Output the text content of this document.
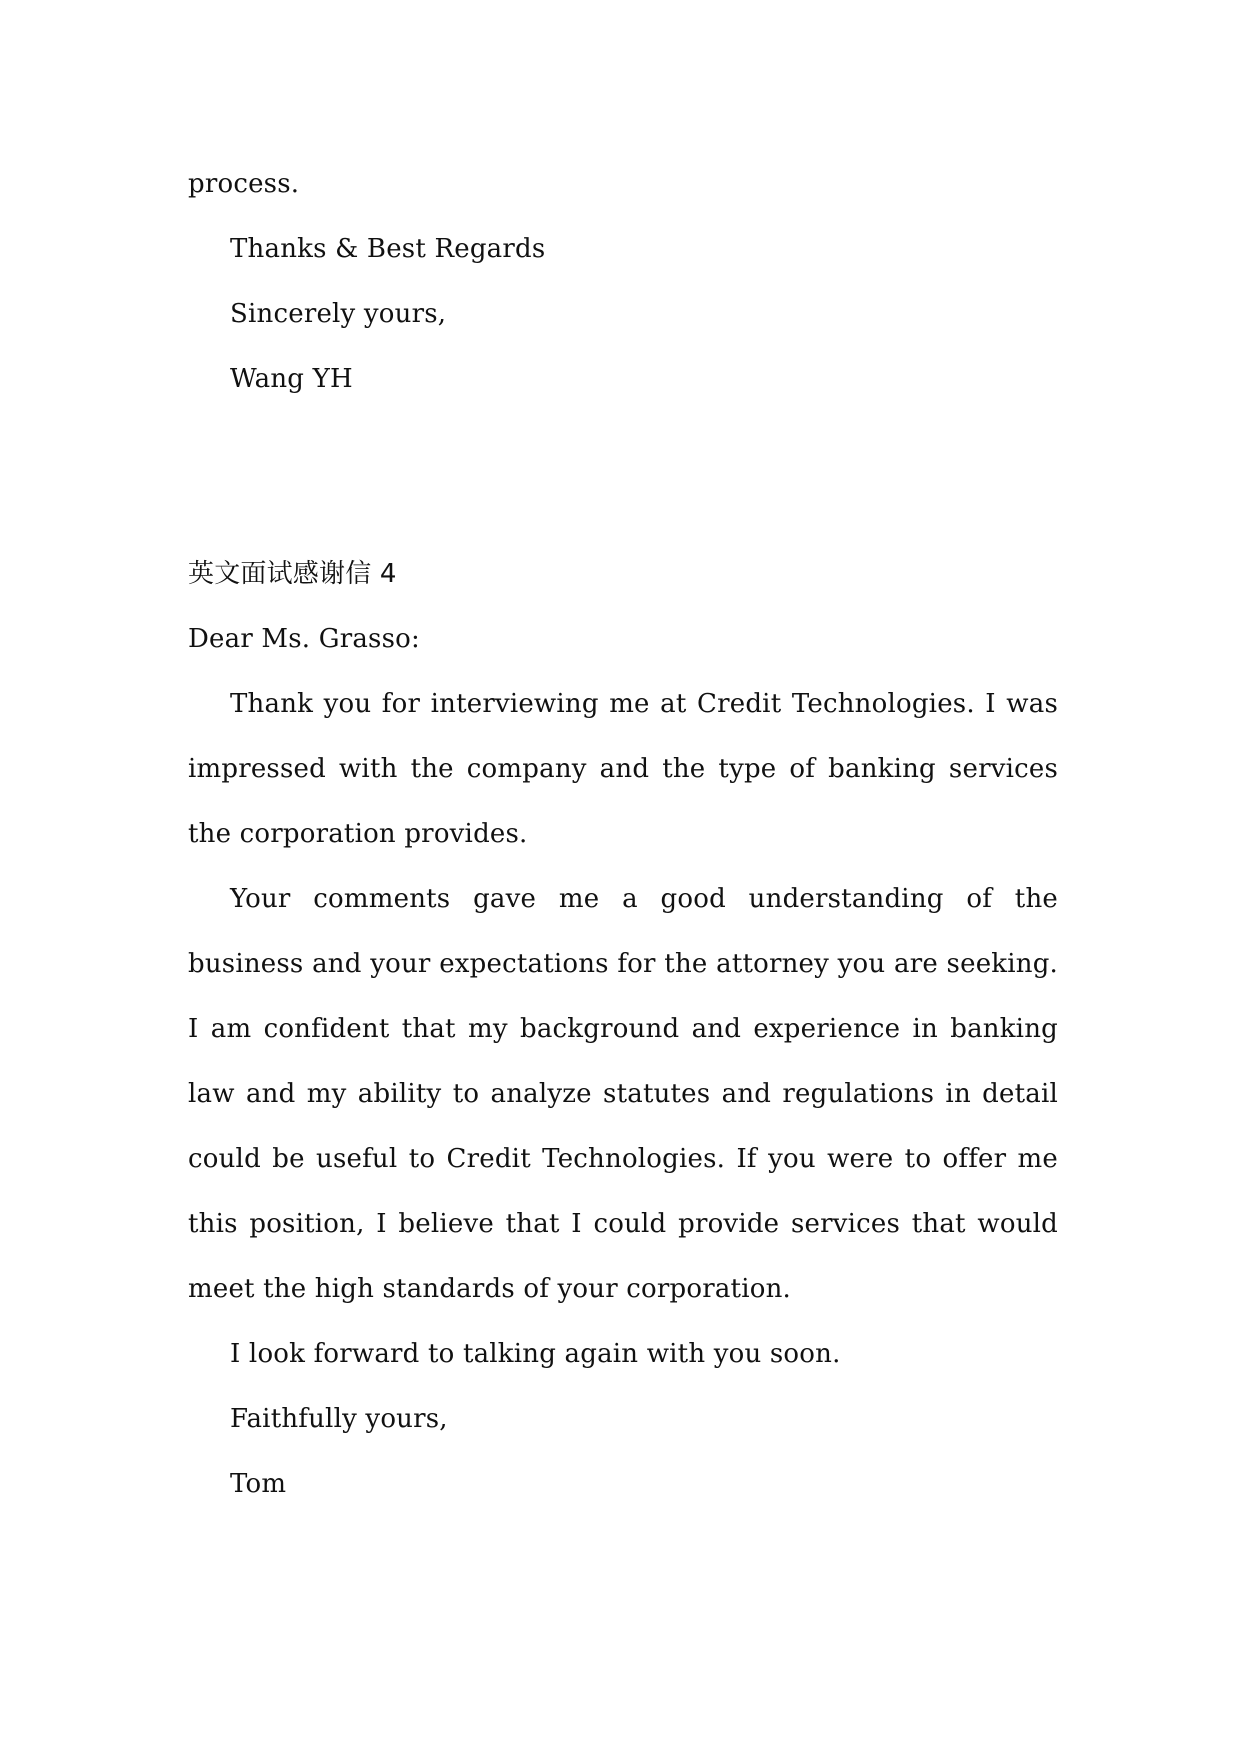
process.

Thanks & Best Regards

Sincerely yours,

Wang YH

英文面试感谢信 4

Dear Ms. Grasso:

Thank you for interviewing me at Credit Technologies. I was impressed with the company and the type of banking services the corporation provides.

Your comments gave me a good understanding of the business and your expectations for the attorney you are seeking. I am confident that my background and experience in banking law and my ability to analyze statutes and regulations in detail could be useful to Credit Technologies. If you were to offer me this position, I believe that I could provide services that would meet the high standards of your corporation.

I look forward to talking again with you soon.

Faithfully yours,

Tom
